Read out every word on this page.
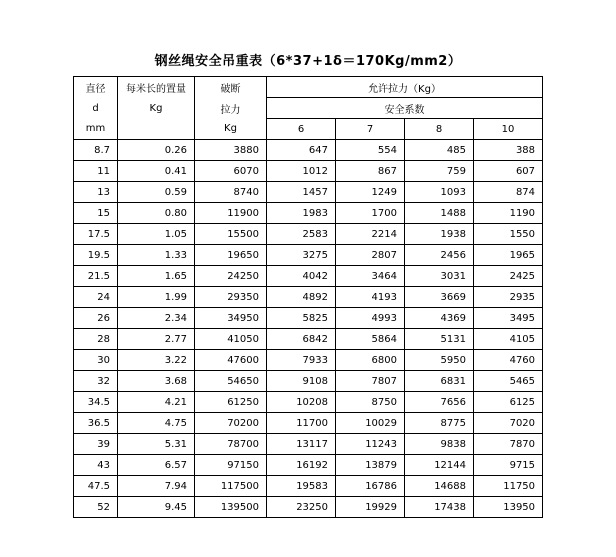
钢丝绳安全吊重表（6*37+1δ＝170Kg/mm2）
直径	每米长的置量	破断	允许拉力（Kg）			
d	Kg	拉力	安全系数			
mm		Kg	6	7	8	10
8.7	0.26	3880	647	554	485	388
11	0.41	6070	1012	867	759	607
13	0.59	8740	1457	1249	1093	874
15	0.80	11900	1983	1700	1488	1190
17.5	1.05	15500	2583	2214	1938	1550
19.5	1.33	19650	3275	2807	2456	1965
21.5	1.65	24250	4042	3464	3031	2425
24	1.99	29350	4892	4193	3669	2935
26	2.34	34950	5825	4993	4369	3495
28	2.77	41050	6842	5864	5131	4105
30	3.22	47600	7933	6800	5950	4760
32	3.68	54650	9108	7807	6831	5465
34.5	4.21	61250	10208	8750	7656	6125
36.5	4.75	70200	11700	10029	8775	7020
39	5.31	78700	13117	11243	9838	7870
43	6.57	97150	16192	13879	12144	9715
47.5	7.94	117500	19583	16786	14688	11750
52	9.45	139500	23250	19929	17438	13950
